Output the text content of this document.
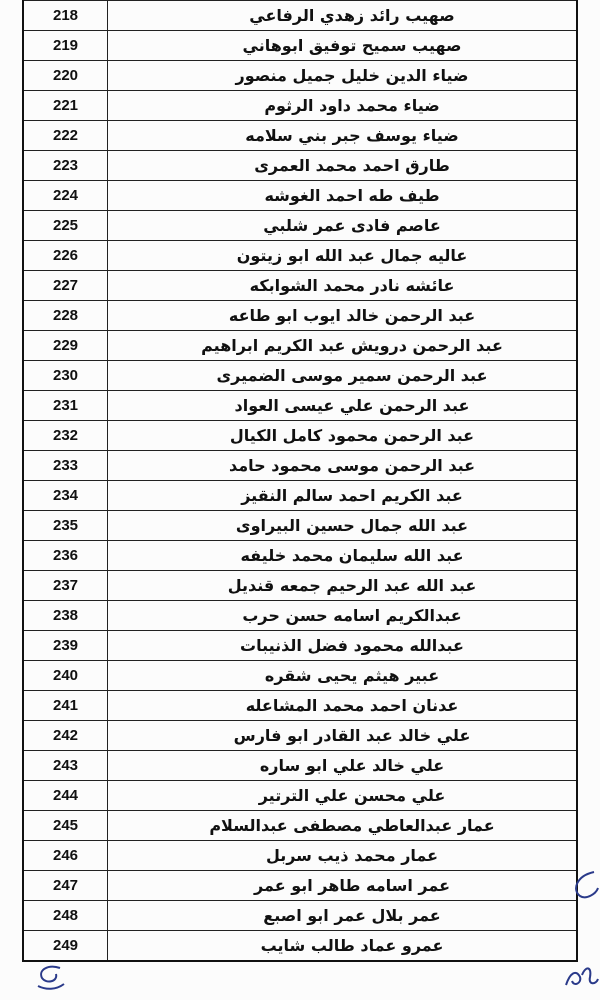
218	صهيب رائد زهدي الرفاعي
219	صهيب سميح توفيق ابوهاني
220	ضياء الدين خليل جميل منصور
221	ضياء محمد داود الرثوم
222	ضياء يوسف جبر بني سلامه
223	طارق احمد محمد العمرى
224	طيف طه احمد الغوشه
225	عاصم فادى عمر شلبي
226	عاليه جمال عبد الله ابو زيتون
227	عائشه نادر محمد الشوابكه
228	عبد الرحمن خالد ايوب ابو طاعه
229	عبد الرحمن درويش عبد الكريم ابراهيم
230	عبد الرحمن سمير موسى الضميرى
231	عبد الرحمن علي عيسى العواد
232	عبد الرحمن محمود كامل الكيال
233	عبد الرحمن موسى محمود حامد
234	عبد الكريم احمد سالم النقيز
235	عبد الله جمال حسين البيراوى
236	عبد الله سليمان محمد خليفه
237	عبد الله عبد الرحيم جمعه قنديل
238	عبدالكريم اسامه حسن حرب
239	عبدالله محمود فضل الذنيبات
240	عبير هيثم يحيى شقره
241	عدنان احمد محمد المشاعله
242	علي خالد عبد القادر ابو فارس
243	علي خالد علي ابو ساره
244	علي محسن علي الترتير
245	عمار عبدالعاطي مصطفى عبدالسلام
246	عمار محمد ذيب سربل
247	عمر اسامه طاهر ابو عمر
248	عمر بلال عمر ابو اصبع
249	عمرو عماد طالب شايب
